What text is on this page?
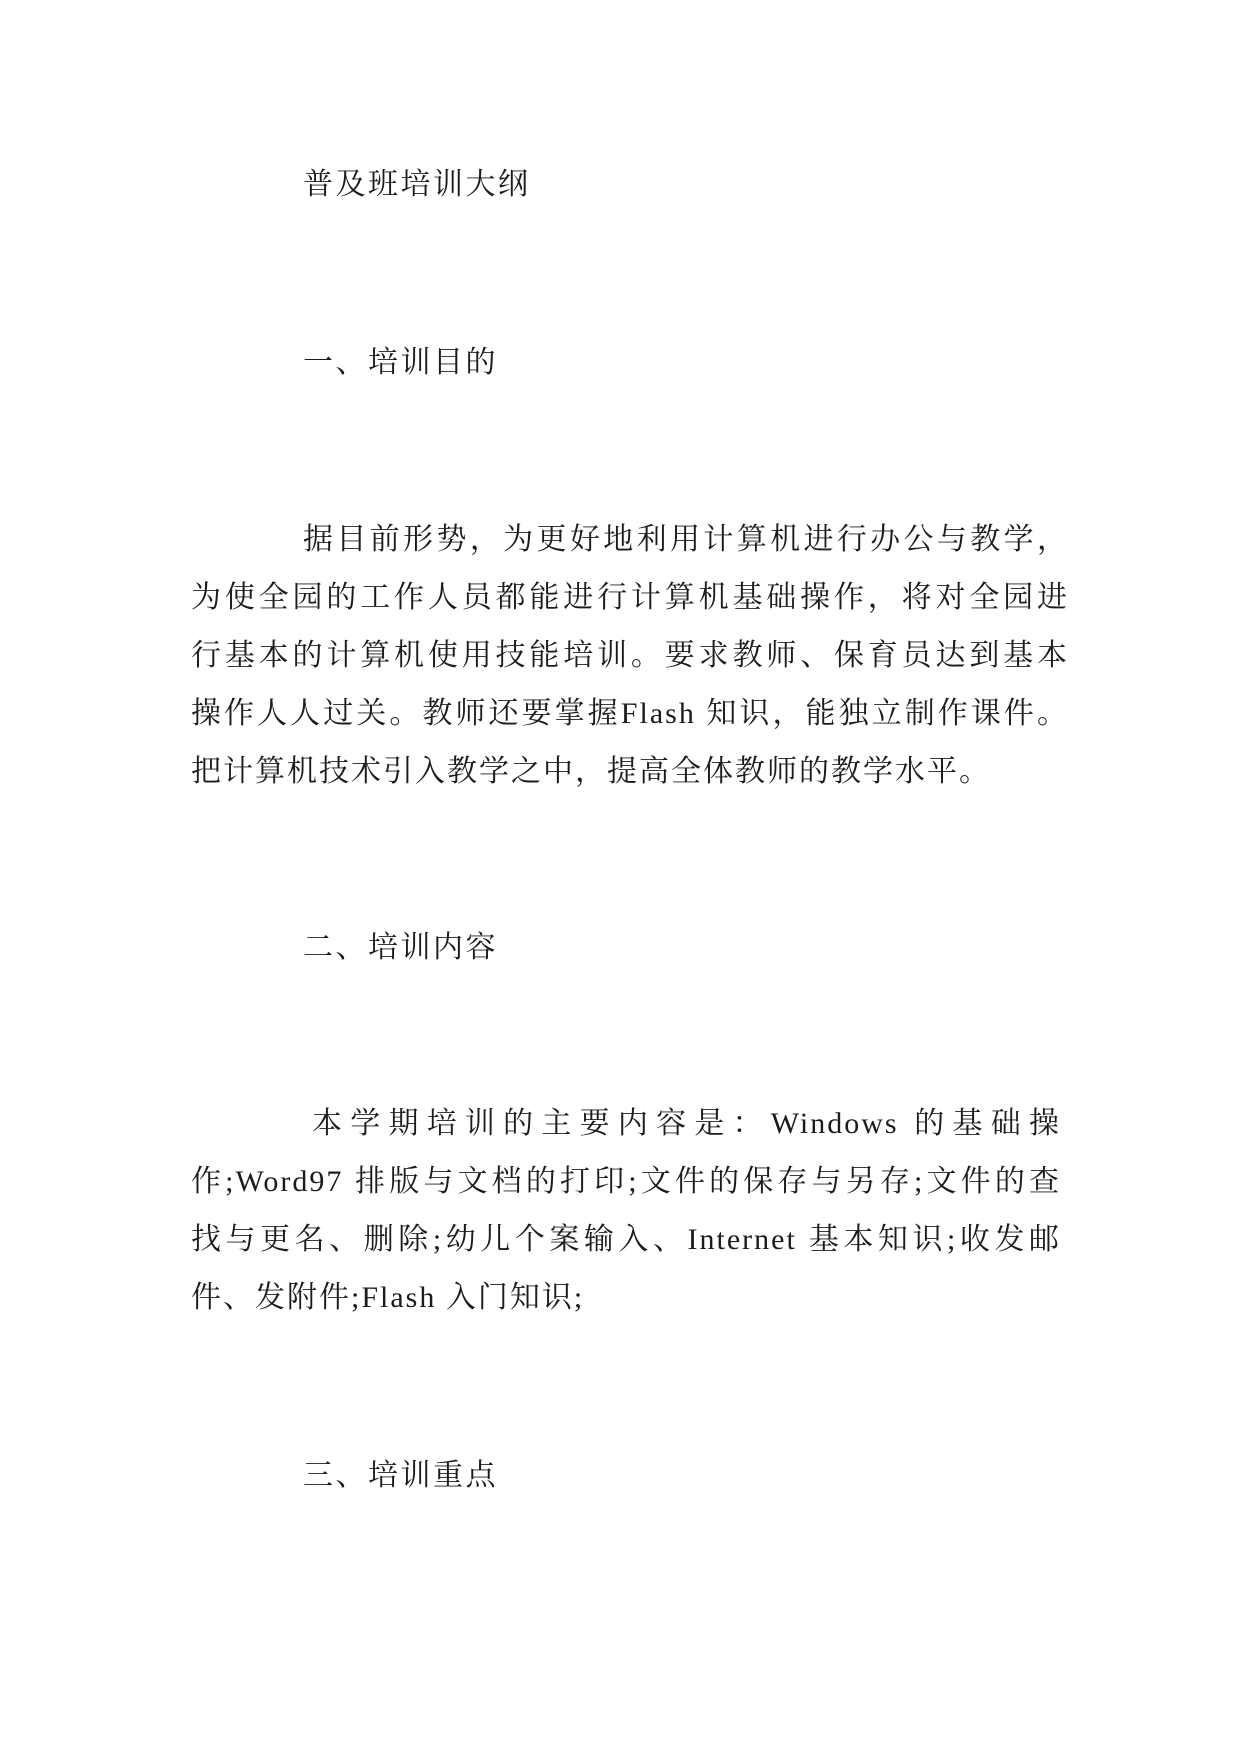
普及班培训大纲
一、培训目的
据目前形势，为更好地利用计算机进行办公与教学，
为使全园的工作人员都能进行计算机基础操作，将对全园进
行基本的计算机使用技能培训。要求教师、保育员达到基本
操作人人过关。教师还要掌握Flash 知识，能独立制作课件。
把计算机技术引入教学之中，提高全体教师的教学水平。
二、培训内容
本学期培训的主要内容是：Windows 的基础操
作;Word97 排版与文档的打印;文件的保存与另存;文件的查
找与更名、删除;幼儿个案输入、Internet 基本知识;收发邮
件、发附件;Flash 入门知识;
三、培训重点
